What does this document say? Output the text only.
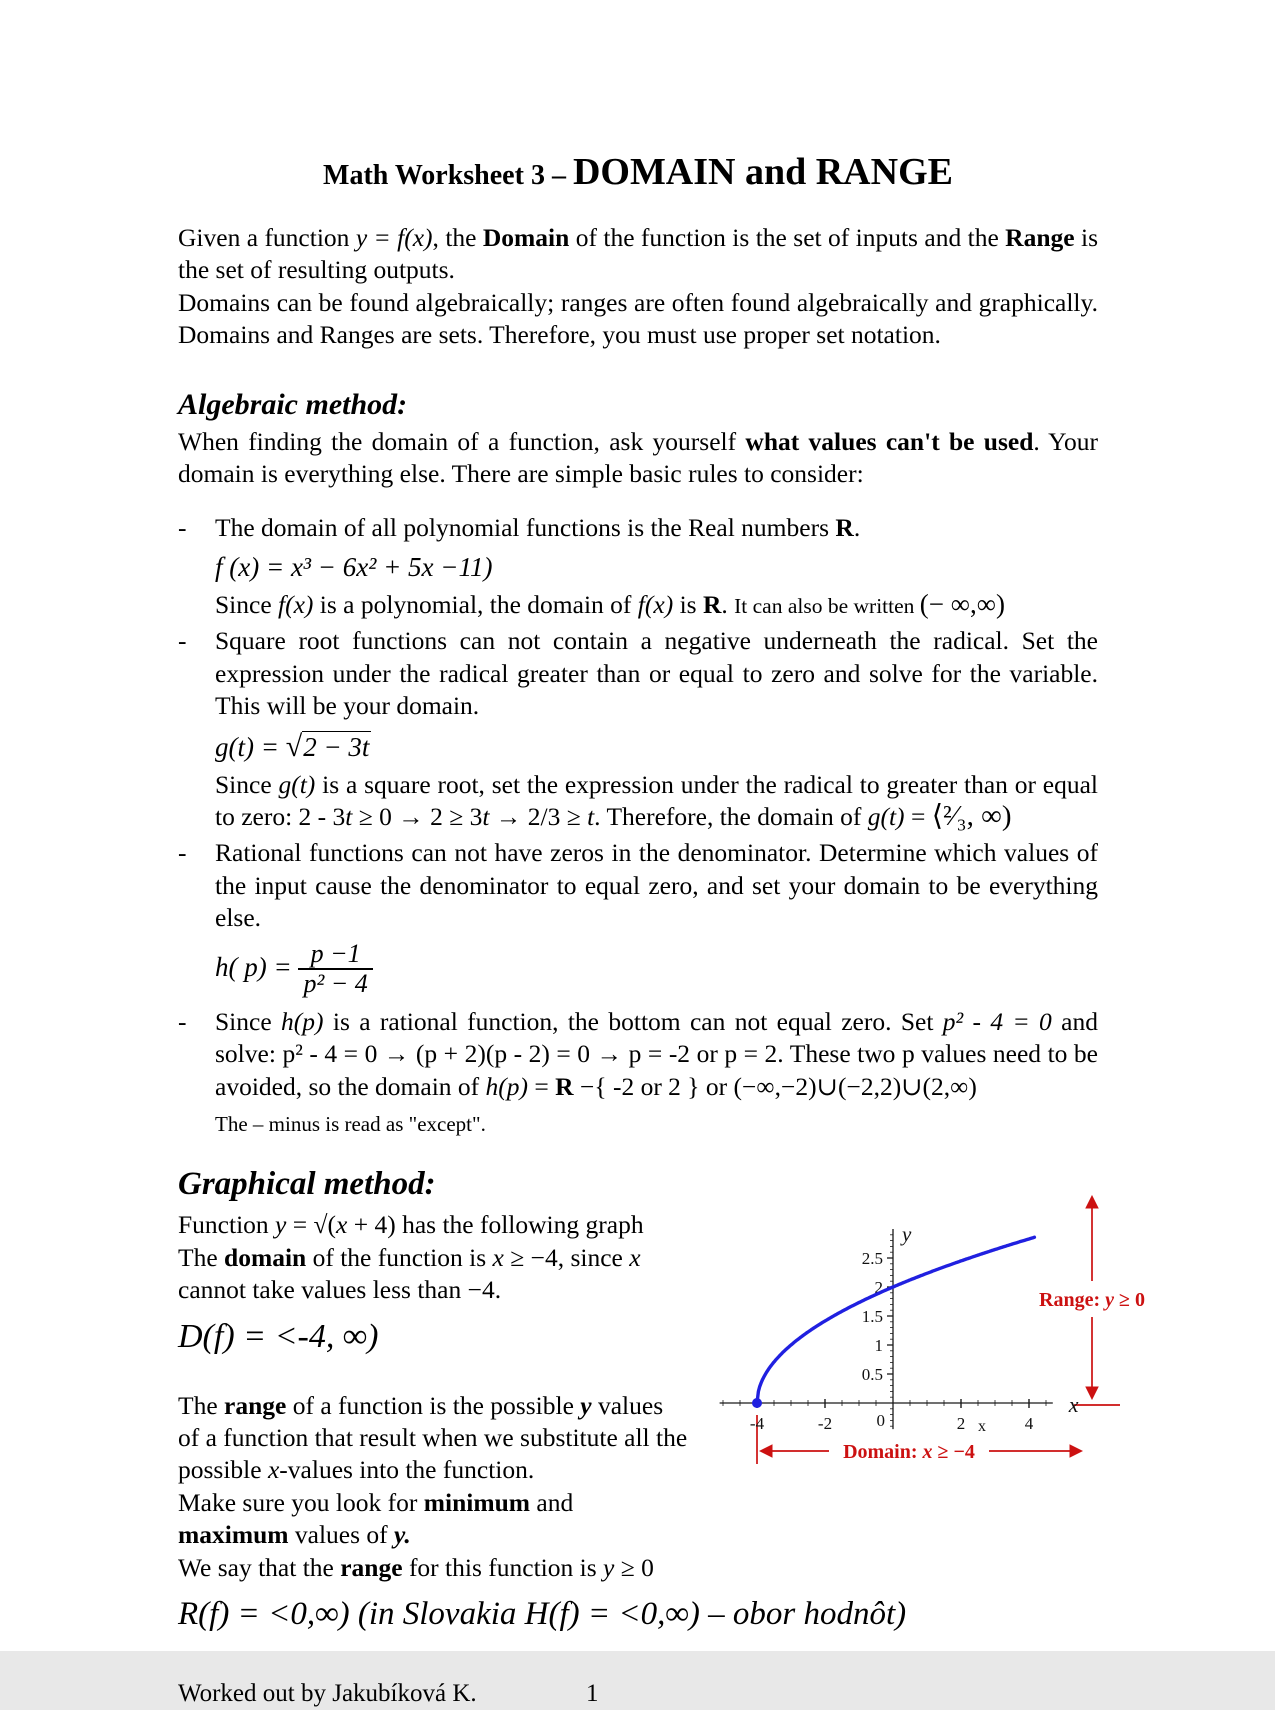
Math Worksheet 3 – DOMAIN and RANGE

Given a function y = f(x), the Domain of the function is the set of inputs and the Range is the set of resulting outputs.

Domains can be found algebraically; ranges are often found algebraically and graphically. Domains and Ranges are sets. Therefore, you must use proper set notation.

Algebraic method:

When finding the domain of a function, ask yourself what values can't be used. Your domain is everything else. There are simple basic rules to consider:

-	The domain of all polynomial functions is the Real numbers R.

f (x) = x³ − 6x² + 5x −11)

Since f(x) is a polynomial, the domain of f(x) is R. It can also be written (− ∞,∞)

-	Square root functions can not contain a negative underneath the radical. Set the expression under the radical greater than or equal to zero and solve for the variable. This will be your domain.

g(t) = √2 − 3t

Since g(t) is a square root, set the expression under the radical to greater than or equal to zero: 2 - 3t ≥ 0 → 2 ≥ 3t → 2/3 ≥ t. Therefore, the domain of g(t) = ⟨²⁄₃, ∞)

-	Rational functions can not have zeros in the denominator. Determine which values of the input cause the denominator to equal zero, and set your domain to be everything else.

h( $p) = \frac{p -1}{\text{p² − 4}}$

-	Since h(p) is a rational function, the bottom can not equal zero. Set p² - 4 = 0 and solve: p² - 4 = 0 → (p + 2)(p - 2) = 0 → p = -2 or p = 2. These two p values need to be avoided, so the domain of h(p) = R −{ -2 or 2 } or (−∞,−2)∪(−2,2)∪(2,∞)

The – minus is read as "except".

Graphical method:

Function y = √(x + 4) has the following graph

The domain of the function is x ≥ −4, since x cannot take values less than −4.

D(f) = <-4, ∞)

The range of a function is the possible y values of a function that result when we substitute all the possible x-values into the function.

Make sure you look for minimum and maximum values of y.

We say that the range for this function is y ≥ 0

Range: y ≥ 0
Domain: x ≥ −4
-4	-2	0	2	4
0.5
1
1.5
2
2.5
y
x
x

R(f) = <0,∞) (in Slovakia H(f) = <0,∞) – obor hodnôt)

Worked out by Jakubíková K.	1
